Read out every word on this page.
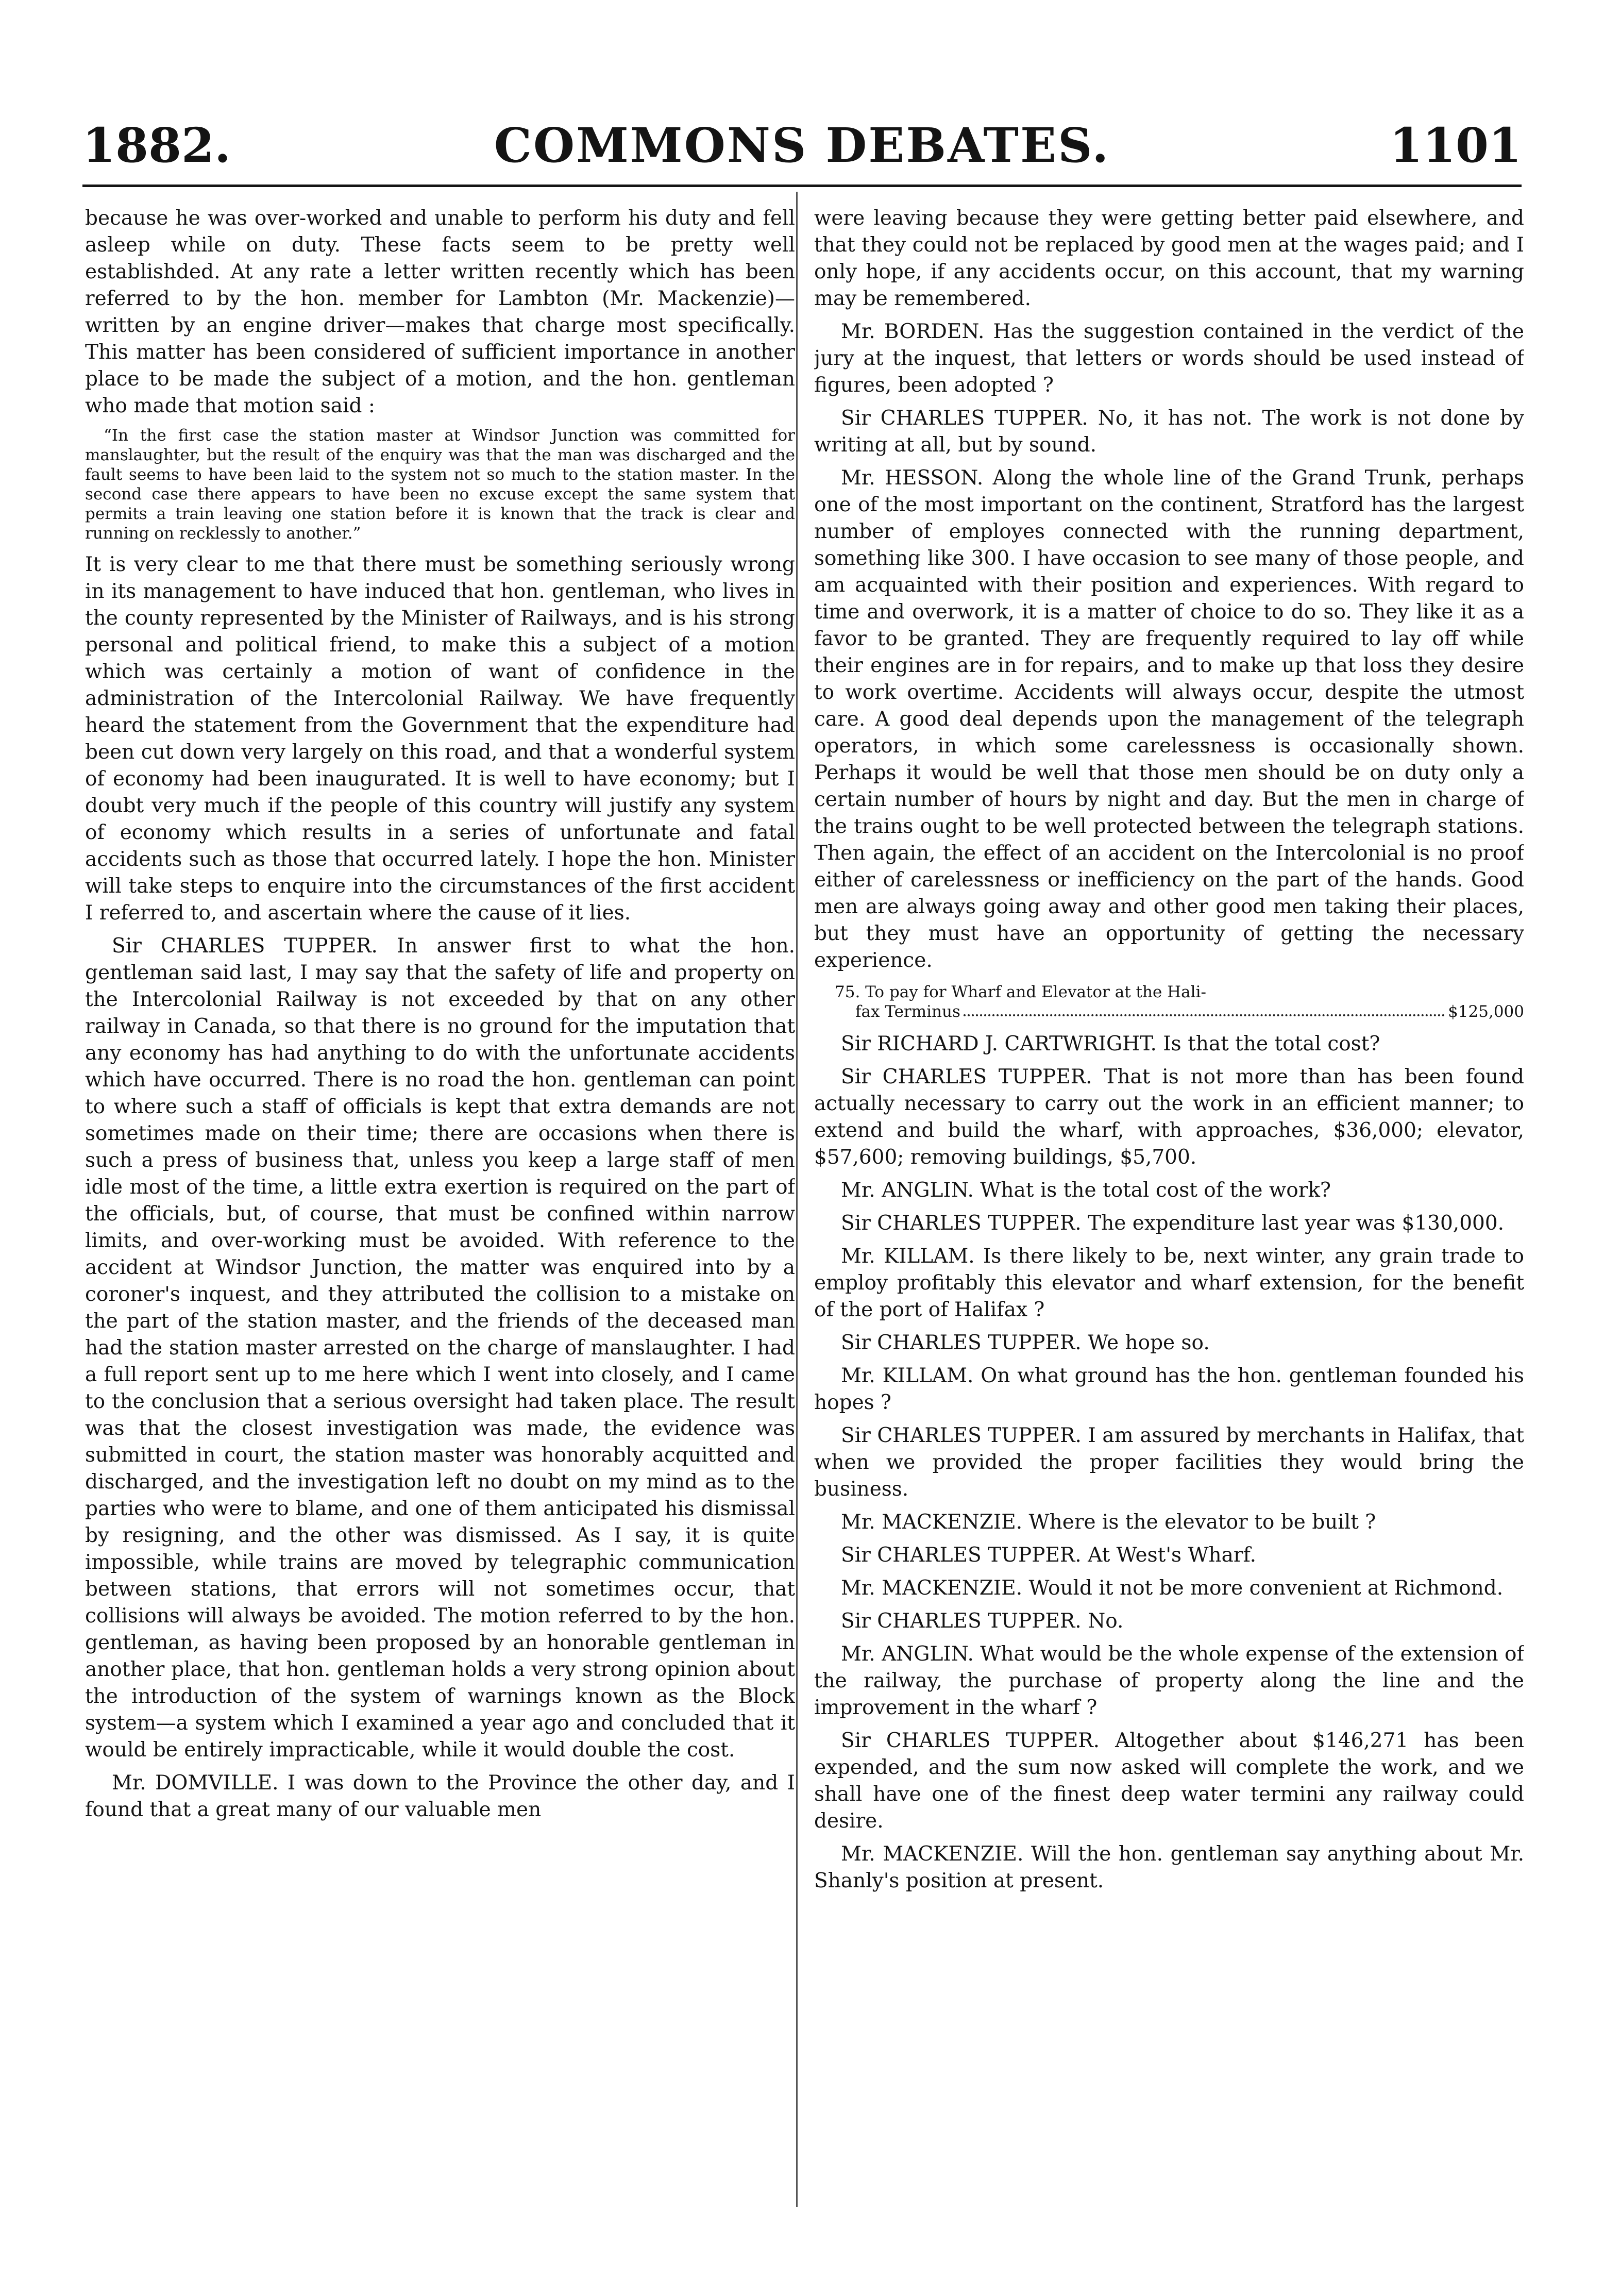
1882.	COMMONS DEBATES.	1101

because he was over-worked and unable to perform his duty and fell asleep while on duty. These facts seem to be pretty well establishded. At any rate a letter written recently which has been referred to by the hon. member for Lambton (Mr. Mackenzie)—written by an engine driver—makes that charge most specifically. This matter has been considered of sufficient importance in another place to be made the subject of a motion, and the hon. gentleman who made that motion said :

“In the first case the station master at Windsor Junction was committed for manslaughter, but the result of the enquiry was that the man was discharged and the fault seems to have been laid to the system not so much to the station master. In the second case there appears to have been no excuse except the same system that permits a train leaving one station before it is known that the track is clear and running on recklessly to another.”

It is very clear to me that there must be something seriously wrong in its management to have induced that hon. gentleman, who lives in the county represented by the Minister of Railways, and is his strong personal and political friend, to make this a subject of a motion which was certainly a motion of want of confidence in the administration of the Intercolonial Railway. We have frequently heard the statement from the Government that the expenditure had been cut down very largely on this road, and that a wonderful system of economy had been inaugurated. It is well to have economy; but I doubt very much if the people of this country will justify any system of economy which results in a series of unfortunate and fatal accidents such as those that occurred lately. I hope the hon. Minister will take steps to enquire into the circumstances of the first accident I referred to, and ascertain where the cause of it lies.

Sir CHARLES TUPPER. In answer first to what the hon. gentleman said last, I may say that the safety of life and property on the Intercolonial Railway is not exceeded by that on any other railway in Canada, so that there is no ground for the imputation that any economy has had anything to do with the unfortunate accidents which have occurred. There is no road the hon. gentleman can point to where such a staff of officials is kept that extra demands are not sometimes made on their time; there are occasions when there is such a press of business that, unless you keep a large staff of men idle most of the time, a little extra exertion is required on the part of the officials, but, of course, that must be confined within narrow limits, and over-working must be avoided. With reference to the accident at Windsor Junction, the matter was enquired into by a coroner's inquest, and they attributed the collision to a mistake on the part of the station master, and the friends of the deceased man had the station master arrested on the charge of manslaughter. I had a full report sent up to me here which I went into closely, and I came to the conclusion that a serious oversight had taken place. The result was that the closest investigation was made, the evidence was submitted in court, the station master was honorably acquitted and discharged, and the investigation left no doubt on my mind as to the parties who were to blame, and one of them anticipated his dismissal by resigning, and the other was dismissed. As I say, it is quite impossible, while trains are moved by telegraphic communication between stations, that errors will not sometimes occur, that collisions will always be avoided. The motion referred to by the hon. gentleman, as having been proposed by an honorable gentleman in another place, that hon. gentleman holds a very strong opinion about the introduction of the system of warnings known as the Block system—a system which I examined a year ago and concluded that it would be entirely impracticable, while it would double the cost.

Mr. DOMVILLE. I was down to the Province the other day, and I found that a great many of our valuable men

were leaving because they were getting better paid elsewhere, and that they could not be replaced by good men at the wages paid; and I only hope, if any accidents occur, on this account, that my warning may be remembered.

Mr. BORDEN. Has the suggestion contained in the verdict of the jury at the inquest, that letters or words should be used instead of figures, been adopted ?

Sir CHARLES TUPPER. No, it has not. The work is not done by writing at all, but by sound.

Mr. HESSON. Along the whole line of the Grand Trunk, perhaps one of the most important on the continent, Stratford has the largest number of employes connected with the running department, something like 300. I have occasion to see many of those people, and am acquainted with their position and experiences. With regard to time and overwork, it is a matter of choice to do so. They like it as a favor to be granted. They are frequently required to lay off while their engines are in for repairs, and to make up that loss they desire to work overtime. Accidents will always occur, despite the utmost care. A good deal depends upon the management of the telegraph operators, in which some carelessness is occasionally shown. Perhaps it would be well that those men should be on duty only a certain number of hours by night and day. But the men in charge of the trains ought to be well protected between the telegraph stations. Then again, the effect of an accident on the Intercolonial is no proof either of carelessness or inefficiency on the part of the hands. Good men are always going away and other good men taking their places, but they must have an opportunity of getting the necessary experience.

75. To pay for Wharf and Elevator at the Hali-
fax Terminus	$125,000

Sir RICHARD J. CARTWRIGHT. Is that the total cost?

Sir CHARLES TUPPER. That is not more than has been found actually necessary to carry out the work in an efficient manner; to extend and build the wharf, with approaches, $36,000; elevator, $57,600; removing buildings, $5,700.

Mr. ANGLIN. What is the total cost of the work?

Sir CHARLES TUPPER. The expenditure last year was $130,000.

Mr. KILLAM. Is there likely to be, next winter, any grain trade to employ profitably this elevator and wharf extension, for the benefit of the port of Halifax ?

Sir CHARLES TUPPER. We hope so.

Mr. KILLAM. On what ground has the hon. gentleman founded his hopes ?

Sir CHARLES TUPPER. I am assured by merchants in Halifax, that when we provided the proper facilities they would bring the business.

Mr. MACKENZIE. Where is the elevator to be built ?

Sir CHARLES TUPPER. At West's Wharf.

Mr. MACKENZIE. Would it not be more convenient at Richmond.

Sir CHARLES TUPPER. No.

Mr. ANGLIN. What would be the whole expense of the extension of the railway, the purchase of property along the line and the improvement in the wharf ?

Sir CHARLES TUPPER. Altogether about $146,271 has been expended, and the sum now asked will complete the work, and we shall have one of the finest deep water termini any railway could desire.

Mr. MACKENZIE. Will the hon. gentleman say anything about Mr. Shanly's position at present.
